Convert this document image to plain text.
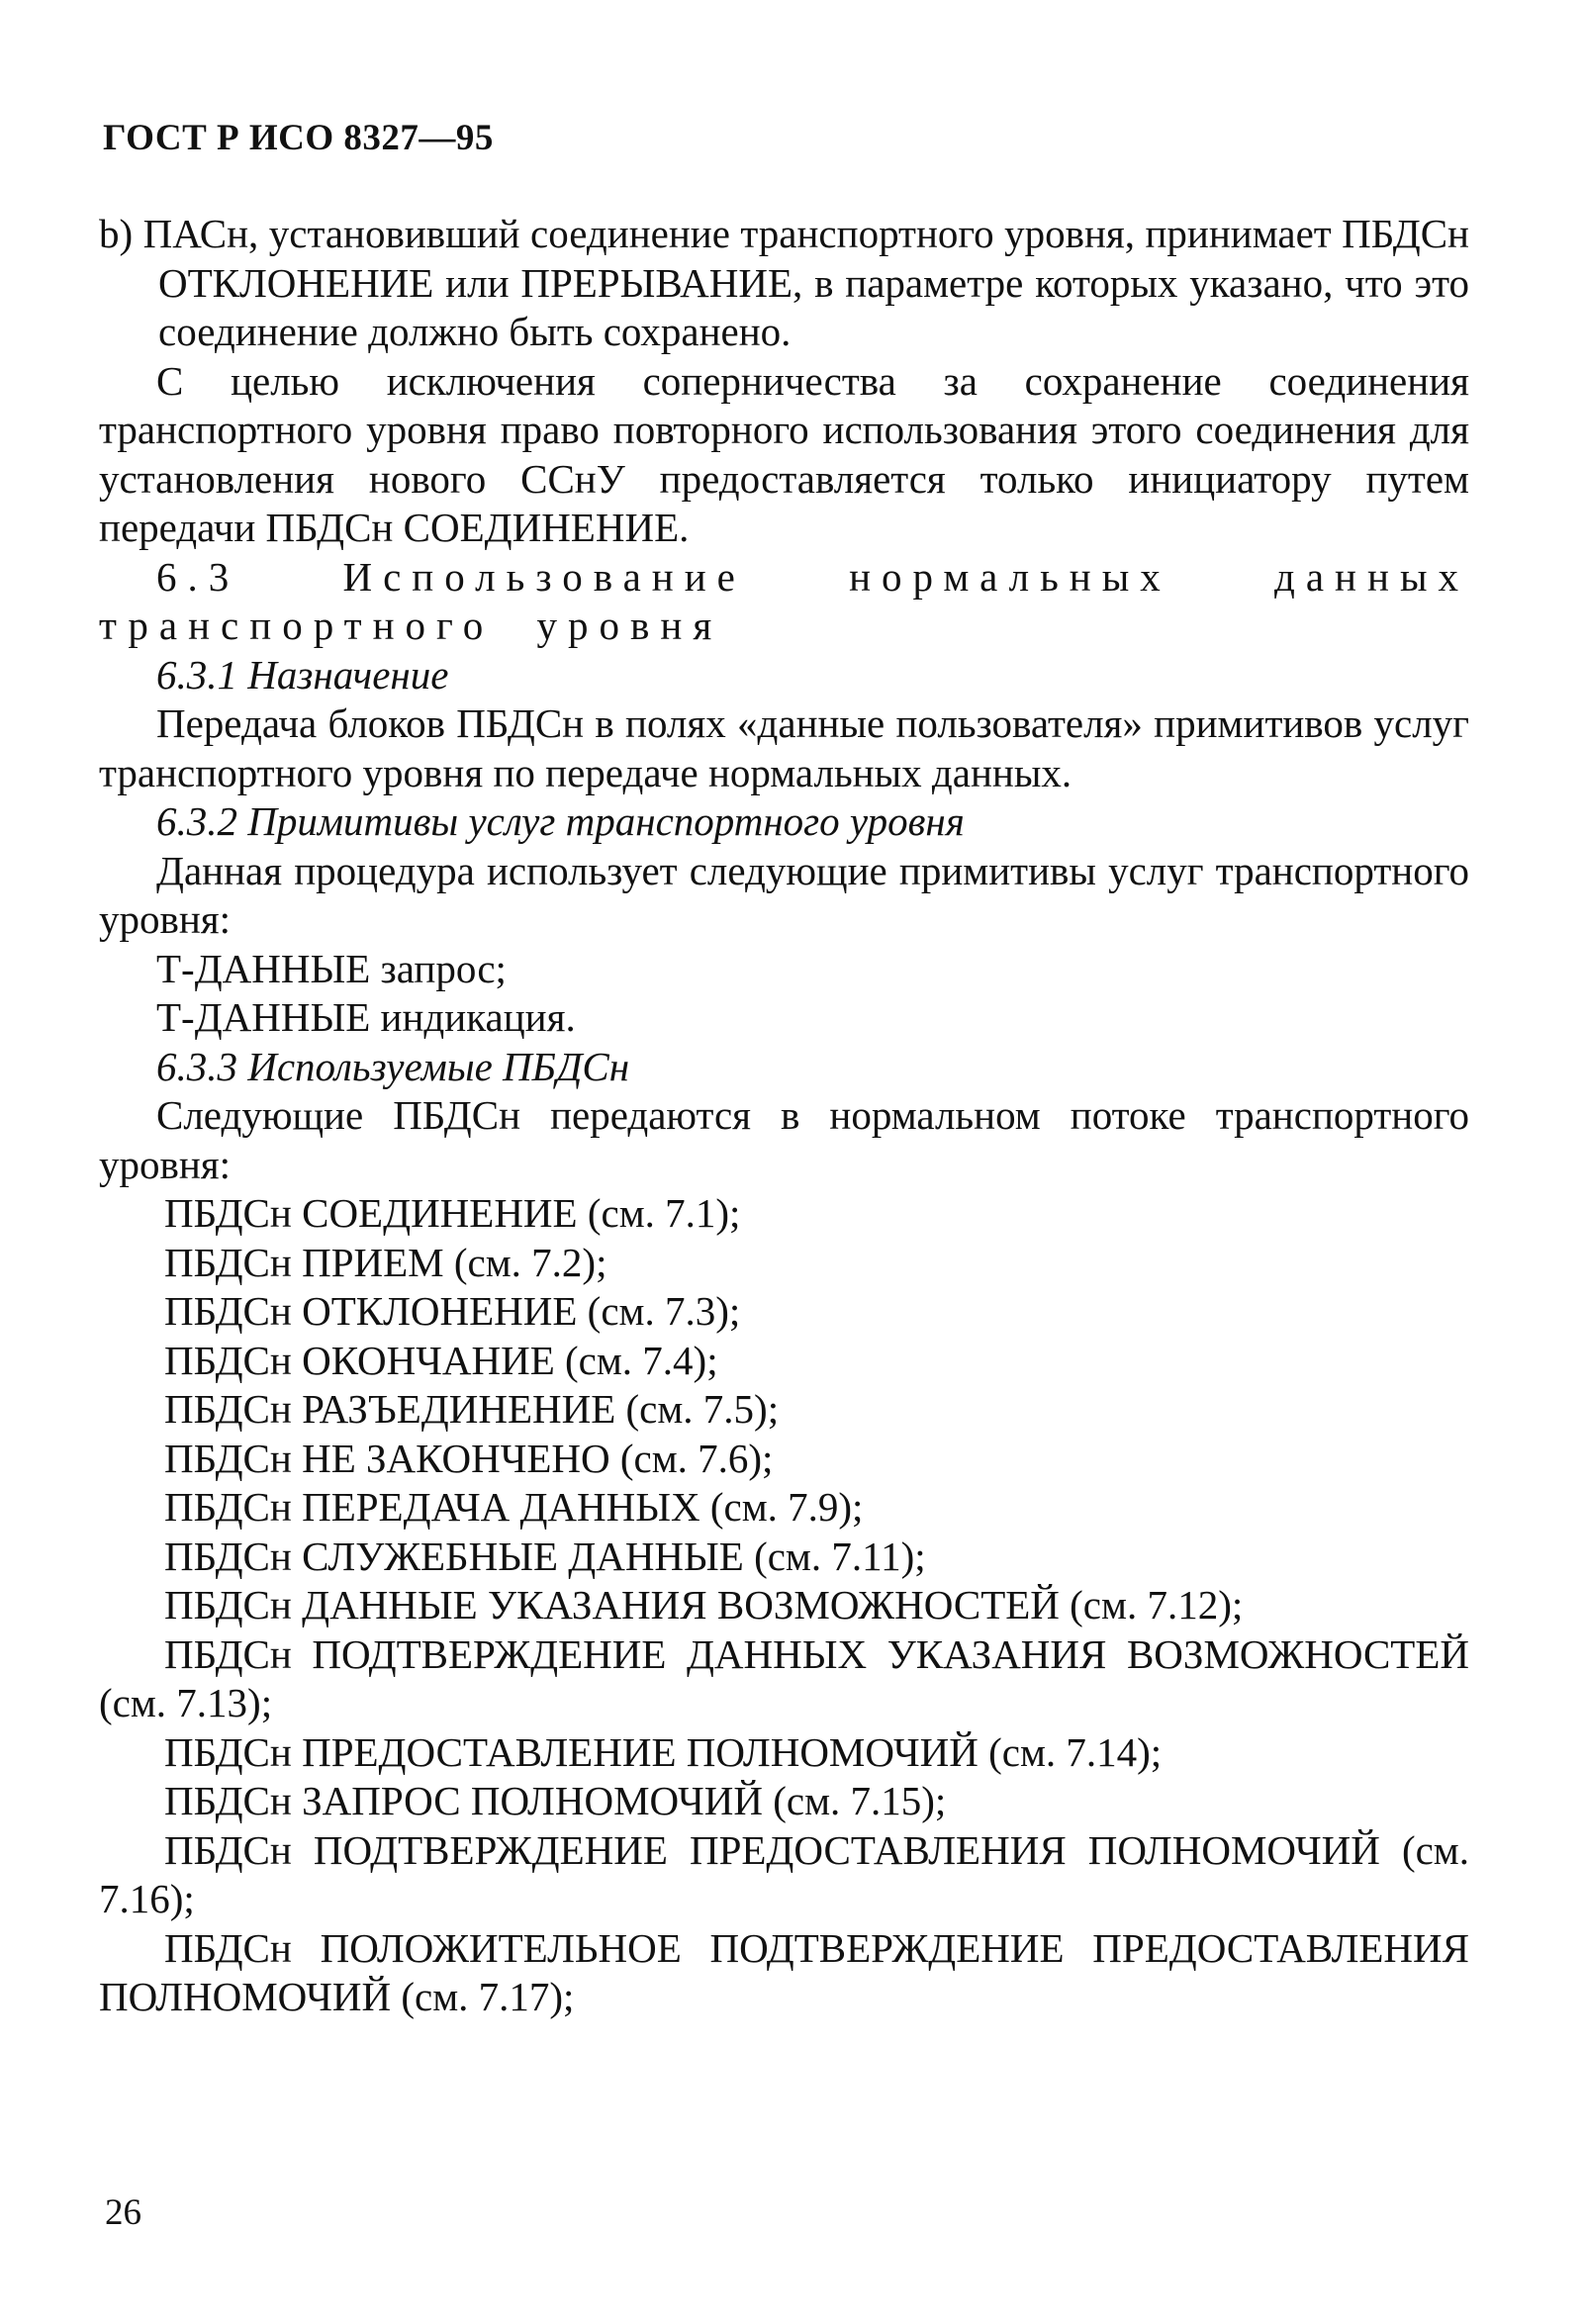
ГОСТ Р ИСО 8327—95

b) ПАСн, установивший соединение транспортного уровня, принимает ПБДСн ОТКЛОНЕНИЕ или ПРЕРЫВАНИЕ, в параметре которых указано, что это соединение должно быть сохранено.

С целью исключения соперничества за сохранение соединения транспортного уровня право повторного использования этого соединения для установления нового ССнУ предоставляется только инициатору путем передачи ПБДСн СОЕДИНЕНИЕ.

6.3 Использование нормальных данных транспортного уровня

6.3.1 Назначение

Передача блоков ПБДСн в полях «данные пользователя» примитивов услуг транспортного уровня по передаче нормальных данных.

6.3.2 Примитивы услуг транспортного уровня

Данная процедура использует следующие примитивы услуг транспортного уровня:

Т-ДАННЫЕ запрос;

Т-ДАННЫЕ индикация.

6.3.3 Используемые ПБДСн

Следующие ПБДСн передаются в нормальном потоке транспортного уровня:

ПБДСн СОЕДИНЕНИЕ (см. 7.1);

ПБДСн ПРИЕМ (см. 7.2);

ПБДСн ОТКЛОНЕНИЕ (см. 7.3);

ПБДСн ОКОНЧАНИЕ (см. 7.4);

ПБДСн РАЗЪЕДИНЕНИЕ (см. 7.5);

ПБДСн НЕ ЗАКОНЧЕНО (см. 7.6);

ПБДСн ПЕРЕДАЧА ДАННЫХ (см. 7.9);

ПБДСн СЛУЖЕБНЫЕ ДАННЫЕ (см. 7.11);

ПБДСн ДАННЫЕ УКАЗАНИЯ ВОЗМОЖНОСТЕЙ (см. 7.12);

ПБДСн ПОДТВЕРЖДЕНИЕ ДАННЫХ УКАЗАНИЯ ВОЗМОЖНОСТЕЙ (см. 7.13);

ПБДСн ПРЕДОСТАВЛЕНИЕ ПОЛНОМОЧИЙ (см. 7.14);

ПБДСн ЗАПРОС ПОЛНОМОЧИЙ (см. 7.15);

ПБДСн ПОДТВЕРЖДЕНИЕ ПРЕДОСТАВЛЕНИЯ ПОЛНОМОЧИЙ (см. 7.16);

ПБДСн ПОЛОЖИТЕЛЬНОЕ ПОДТВЕРЖДЕНИЕ ПРЕДОСТАВЛЕНИЯ ПОЛНОМОЧИЙ (см. 7.17);

26
